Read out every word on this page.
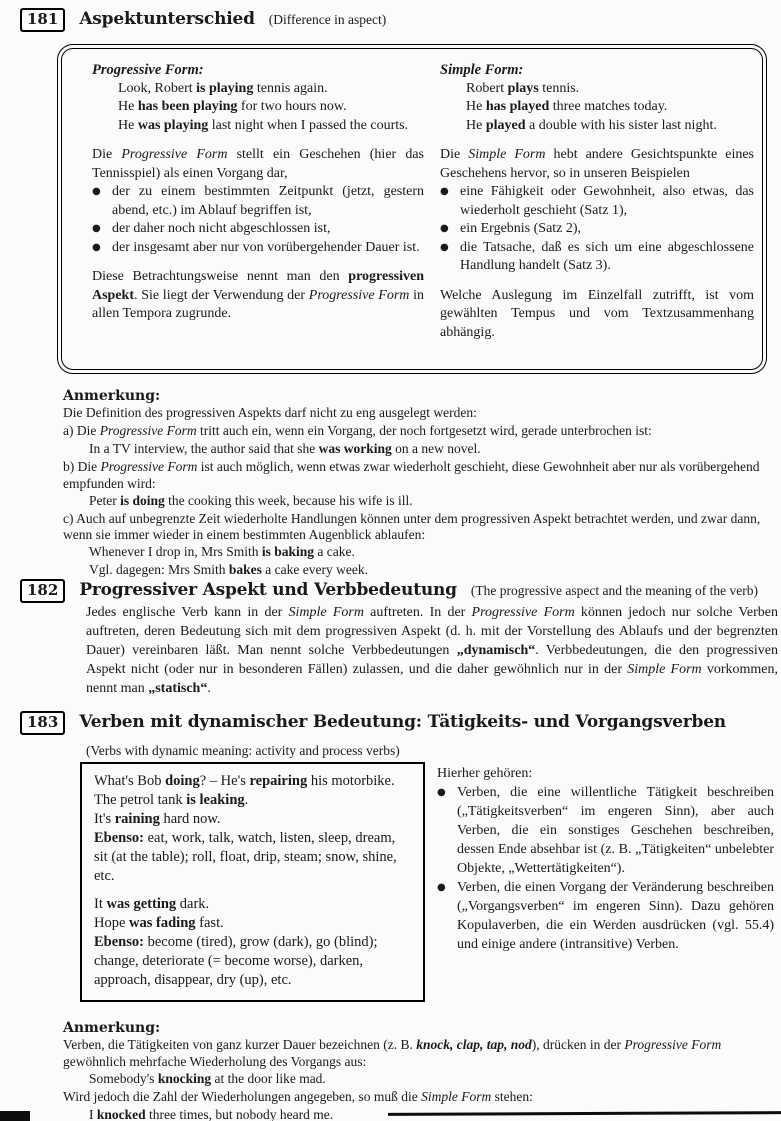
181	Aspektunterschied (Difference in aspect)
Progressive Form:
Look, Robert is playing tennis again.
He has been playing for two hours now.
He was playing last night when I passed the courts.
Die Progressive Form stellt ein Geschehen (hier das Tennisspiel) als einen Vorgang dar,
● der zu einem bestimmten Zeitpunkt (jetzt, gestern abend, etc.) im Ablauf begriffen ist,
● der daher noch nicht abgeschlossen ist,
● der insgesamt aber nur von vorübergehender Dauer ist.
Diese Betrachtungsweise nennt man den progressiven Aspekt. Sie liegt der Verwendung der Progressive Form in allen Tempora zugrunde.
Simple Form:
Robert plays tennis.
He has played three matches today.
He played a double with his sister last night.
Die Simple Form hebt andere Gesichtspunkte eines Geschehens hervor, so in unseren Beispielen
● eine Fähigkeit oder Gewohnheit, also etwas, das wiederholt geschieht (Satz 1),
● ein Ergebnis (Satz 2),
● die Tatsache, daß es sich um eine abgeschlossene Handlung handelt (Satz 3).
Welche Auslegung im Einzelfall zutrifft, ist vom gewählten Tempus und vom Textzusammenhang abhängig.
Anmerkung:
Die Definition des progressiven Aspekts darf nicht zu eng ausgelegt werden:
a) Die Progressive Form tritt auch ein, wenn ein Vorgang, der noch fortgesetzt wird, gerade unterbrochen ist:
In a TV interview, the author said that she was working on a new novel.
b) Die Progressive Form ist auch möglich, wenn etwas zwar wiederholt geschieht, diese Gewohnheit aber nur als vorübergehend empfunden wird:
Peter is doing the cooking this week, because his wife is ill.
c) Auch auf unbegrenzte Zeit wiederholte Handlungen können unter dem progressiven Aspekt betrachtet werden, und zwar dann, wenn sie immer wieder in einem bestimmten Augenblick ablaufen:
Whenever I drop in, Mrs Smith is baking a cake.
Vgl. dagegen: Mrs Smith bakes a cake every week.
182	Progressiver Aspekt und Verbbedeutung (The progressive aspect and the meaning of the verb)
Jedes englische Verb kann in der Simple Form auftreten. In der Progressive Form können jedoch nur solche Verben auftreten, deren Bedeutung sich mit dem progressiven Aspekt (d. h. mit der Vorstellung des Ablaufs und der begrenzten Dauer) vereinbaren läßt. Man nennt solche Verbbedeutungen „dynamisch“. Verbbedeutungen, die den progressiven Aspekt nicht (oder nur in besonderen Fällen) zulassen, und die daher gewöhnlich nur in der Simple Form vorkommen, nennt man „statisch“.
183	Verben mit dynamischer Bedeutung: Tätigkeits- und Vorgangsverben
(Verbs with dynamic meaning: activity and process verbs)
What's Bob doing? – He's repairing his motorbike.
The petrol tank is leaking.
It's raining hard now.
Ebenso: eat, work, talk, watch, listen, sleep, dream, sit (at the table); roll, float, drip, steam; snow, shine, etc.
It was getting dark.
Hope was fading fast.
Ebenso: become (tired), grow (dark), go (blind); change, deteriorate (= become worse), darken, approach, disappear, dry (up), etc.
Hierher gehören:
● Verben, die eine willentliche Tätigkeit beschreiben („Tätigkeitsverben“ im engeren Sinn), aber auch Verben, die ein sonstiges Geschehen beschreiben, dessen Ende absehbar ist (z. B. „Tätigkeiten“ unbelebter Objekte, „Wettertätigkeiten“).
● Verben, die einen Vorgang der Veränderung beschreiben („Vorgangsverben“ im engeren Sinn). Dazu gehören Kopulaverben, die ein Werden ausdrücken (vgl. 55.4) und einige andere (intransitive) Verben.
Anmerkung:
Verben, die Tätigkeiten von ganz kurzer Dauer bezeichnen (z. B. knock, clap, tap, nod), drücken in der Progressive Form gewöhnlich mehrfache Wiederholung des Vorgangs aus:
Somebody's knocking at the door like mad.
Wird jedoch die Zahl der Wiederholungen angegeben, so muß die Simple Form stehen:
I knocked three times, but nobody heard me.
